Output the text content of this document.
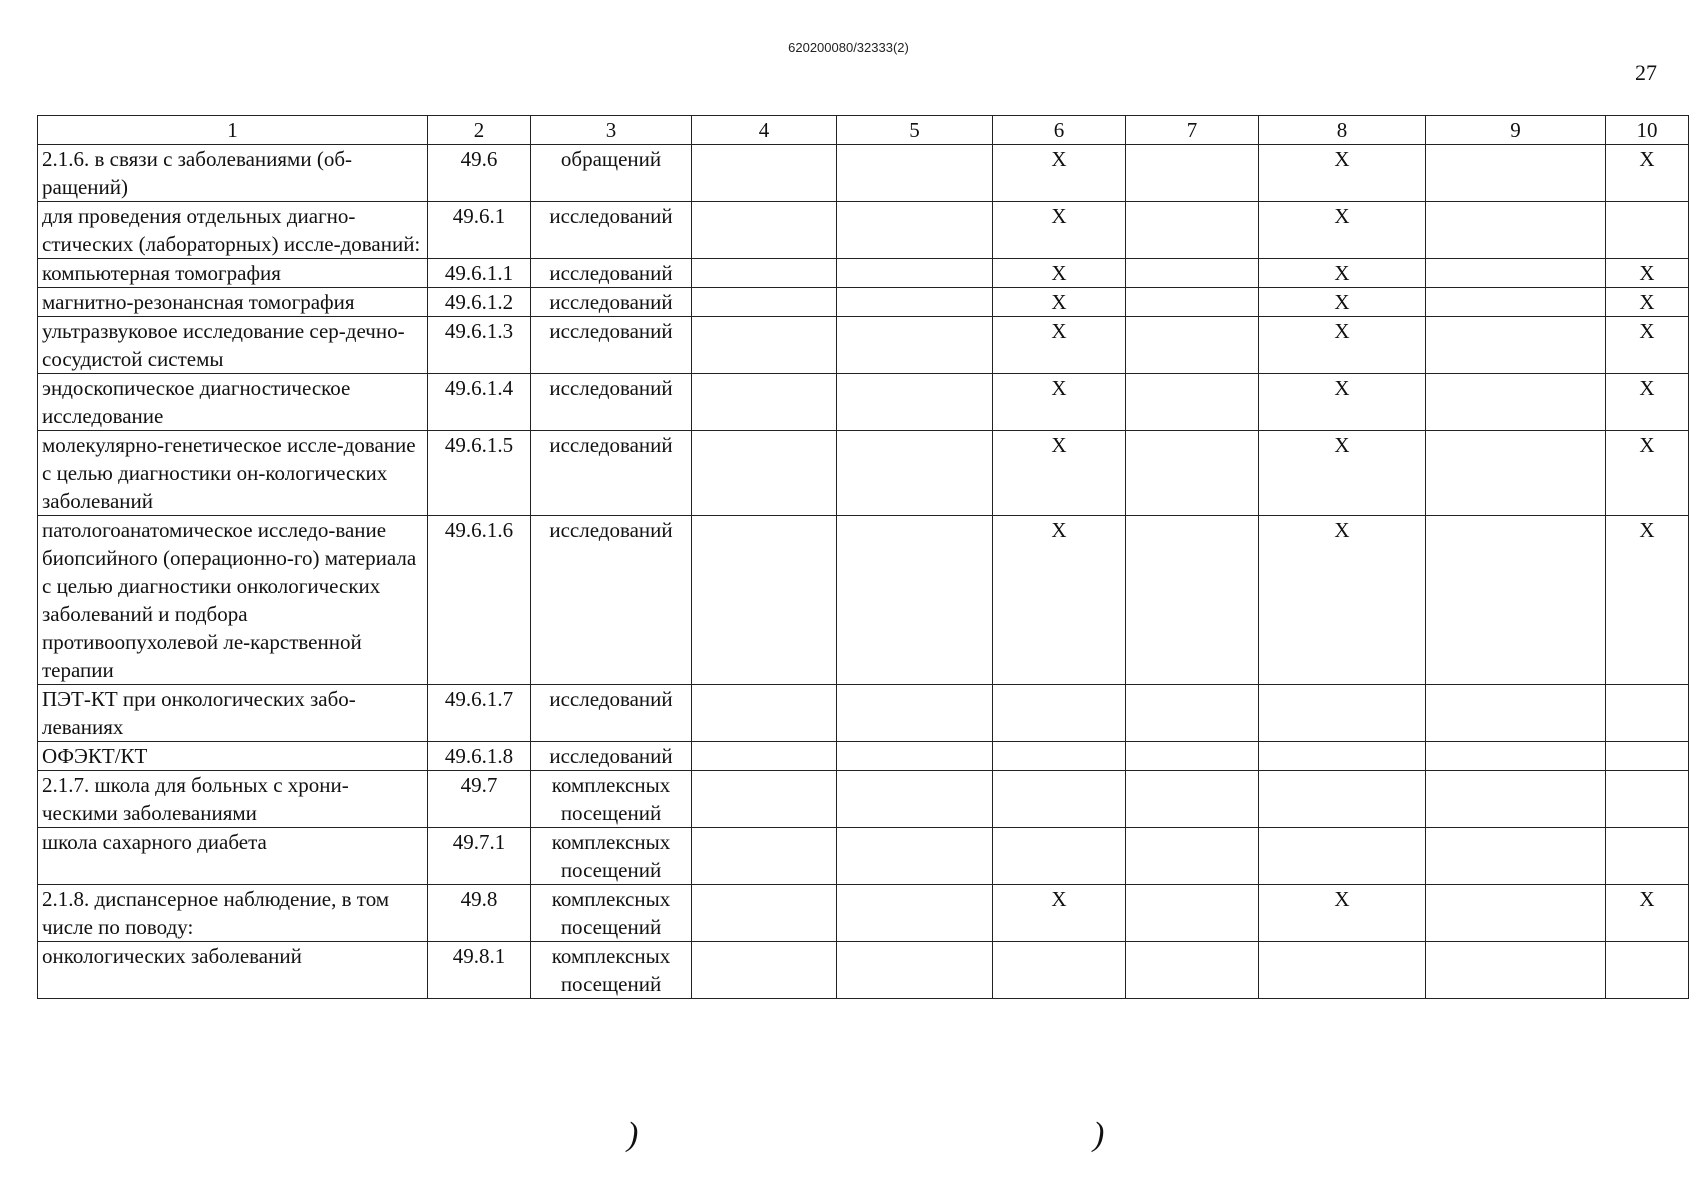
620200080/32333(2)
27
1	2	3	4	5	6	7	8	9	10
2.1.6. в связи с заболеваниями (об-ращений)	49.6	обращений			X		X		X
для проведения отдельных диагно-стических (лабораторных) иссле-дований:	49.6.1	исследований			X		X		
компьютерная томография	49.6.1.1	исследований			X		X		X
магнитно-резонансная томография	49.6.1.2	исследований			X		X		X
ультразвуковое исследование сер-дечно-сосудистой системы	49.6.1.3	исследований			X		X		X
эндоскопическое диагностическое исследование	49.6.1.4	исследований			X		X		X
молекулярно-генетическое иссле-дование с целью диагностики он-кологических заболеваний	49.6.1.5	исследований			X		X		X
патологоанатомическое исследо-вание биопсийного (операционно-го) материала с целью диагностики онкологических заболеваний и подбора противоопухолевой ле-карственной терапии	49.6.1.6	исследований			X		X		X
ПЭТ-КТ при онкологических забо-леваниях	49.6.1.7	исследований							
ОФЭКТ/КТ	49.6.1.8	исследований							
2.1.7. школа для больных с хрони-ческими заболеваниями	49.7	комплексных посещений							
школа сахарного диабета	49.7.1	комплексных посещений							
2.1.8. диспансерное наблюдение, в том числе по поводу:	49.8	комплексных посещений			X		X		X
онкологических заболеваний	49.8.1	комплексных посещений							
)	)
